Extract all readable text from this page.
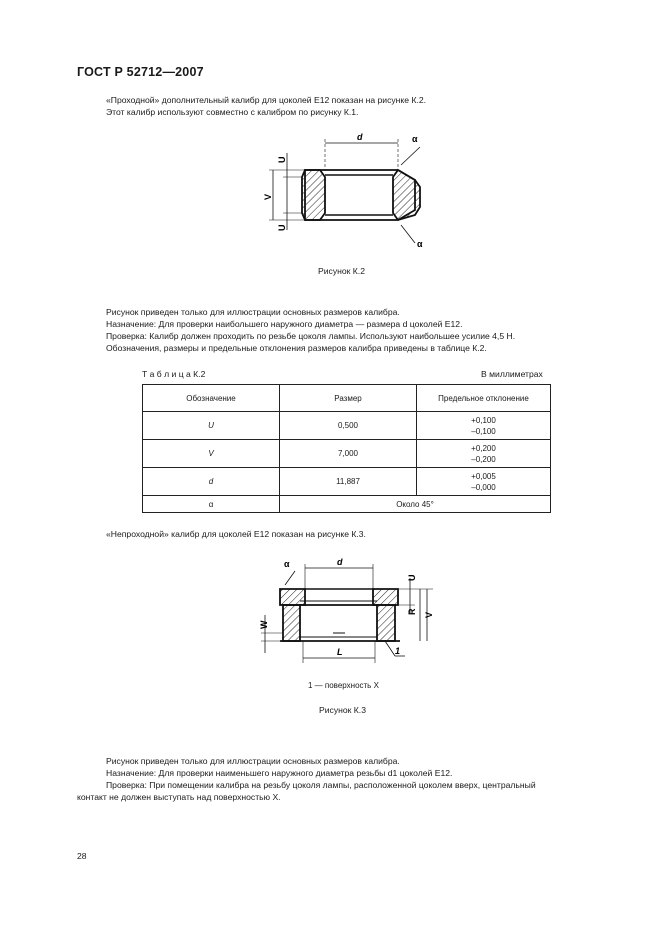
ГОСТ Р 52712—2007
«Проходной» дополнительный калибр для цоколей Е12 показан на рисунке К.2.
Этот калибр используют совместно с калибром по рисунку К.1.
d	α
α
U
V
U
Рисунок К.2
Рисунок приведен только для иллюстрации основных размеров калибра.
Назначение: Для проверки наибольшего наружного диаметра — размера d цоколей Е12.
Проверка: Калибр должен проходить по резьбе цоколя лампы. Используют наибольшее усилие 4,5 Н.
Обозначения, размеры и предельные отклонения размеров калибра приведены в таблице К.2.
Т а б л и ц а К.2	В миллиметрах
Обозначение	Размер	Предельное отклонение
U	0,500	+0,100
–0,100

V	7,000	+0,200
–0,200

d	11,887	+0,005
–0,000

α	Около 45°	
«Непроходной» калибр для цоколей Е12 показан на рисунке К.3.
d
α
U
R V
W
L	1
1 — поверхность X
Рисунок К.3
Рисунок приведен только для иллюстрации основных размеров калибра.
Назначение: Для проверки наименьшего наружного диаметра резьбы d1 цоколей Е12.
Проверка: При помещении калибра на резьбу цоколя лампы, расположенной цоколем вверх, центральный
контакт не должен выступать над поверхностью X.
28
